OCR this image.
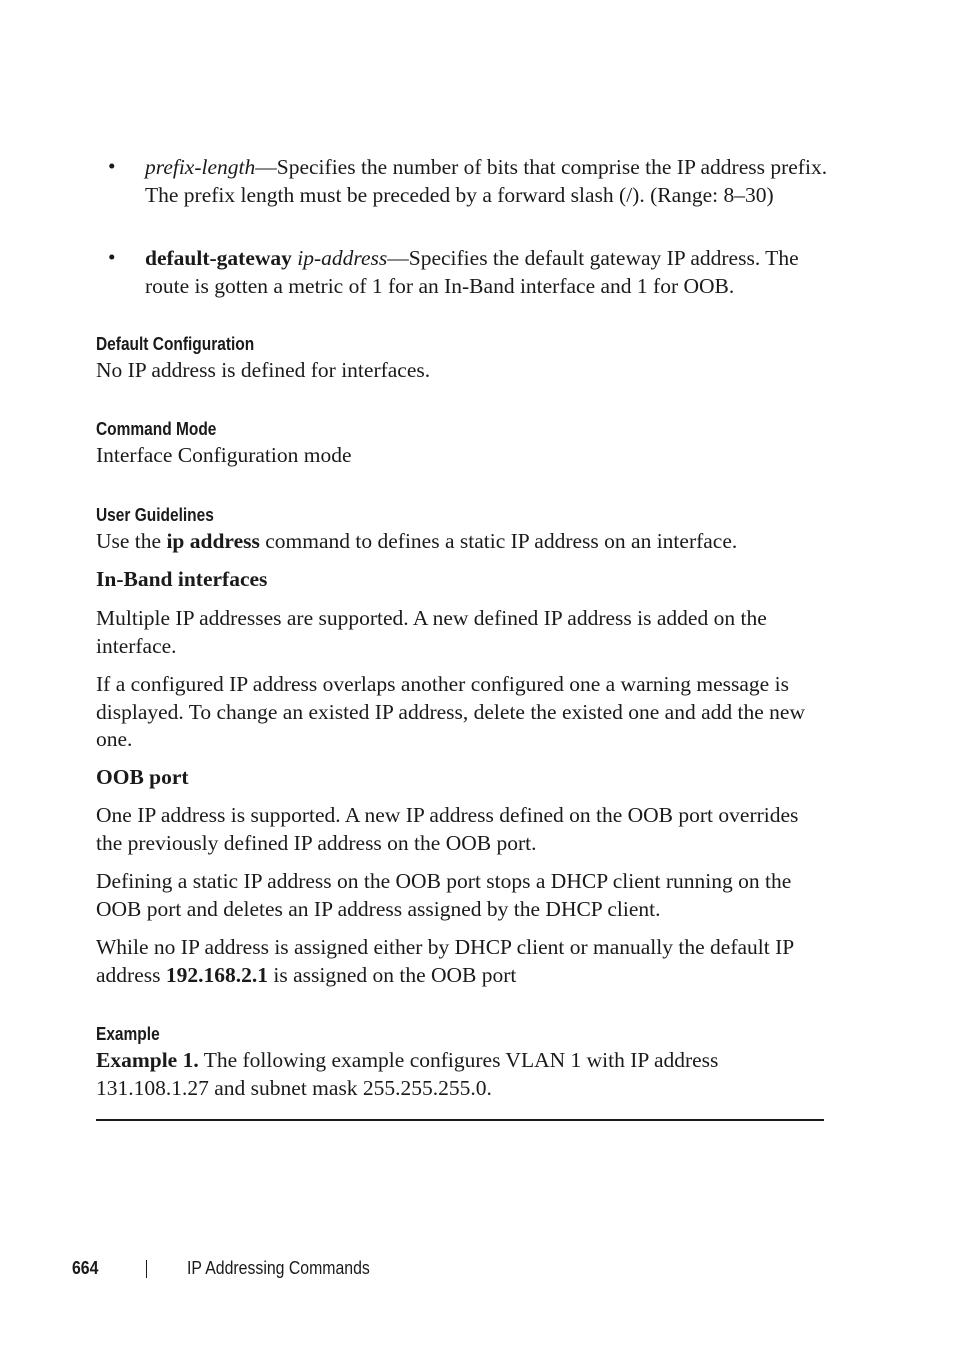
• prefix-length—Specifies the number of bits that comprise the IP address prefix. The prefix length must be preceded by a forward slash (/). (Range: 8–30)
• default-gateway ip-address—Specifies the default gateway IP address. The route is gotten a metric of 1 for an In-Band interface and 1 for OOB.
Default Configuration
No IP address is defined for interfaces.
Command Mode
Interface Configuration mode
User Guidelines
Use the ip address command to defines a static IP address on an interface.
In-Band interfaces
Multiple IP addresses are supported. A new defined IP address is added on the interface.
If a configured IP address overlaps another configured one a warning message is displayed. To change an existed IP address, delete the existed one and add the new one.
OOB port
One IP address is supported. A new IP address defined on the OOB port overrides the previously defined IP address on the OOB port.
Defining a static IP address on the OOB port stops a DHCP client running on the OOB port and deletes an IP address assigned by the DHCP client.
While no IP address is assigned either by DHCP client or manually the default IP address 192.168.2.1 is assigned on the OOB port
Example
Example 1. The following example configures VLAN 1 with IP address 131.108.1.27 and subnet mask 255.255.255.0.
664	IP Addressing Commands
